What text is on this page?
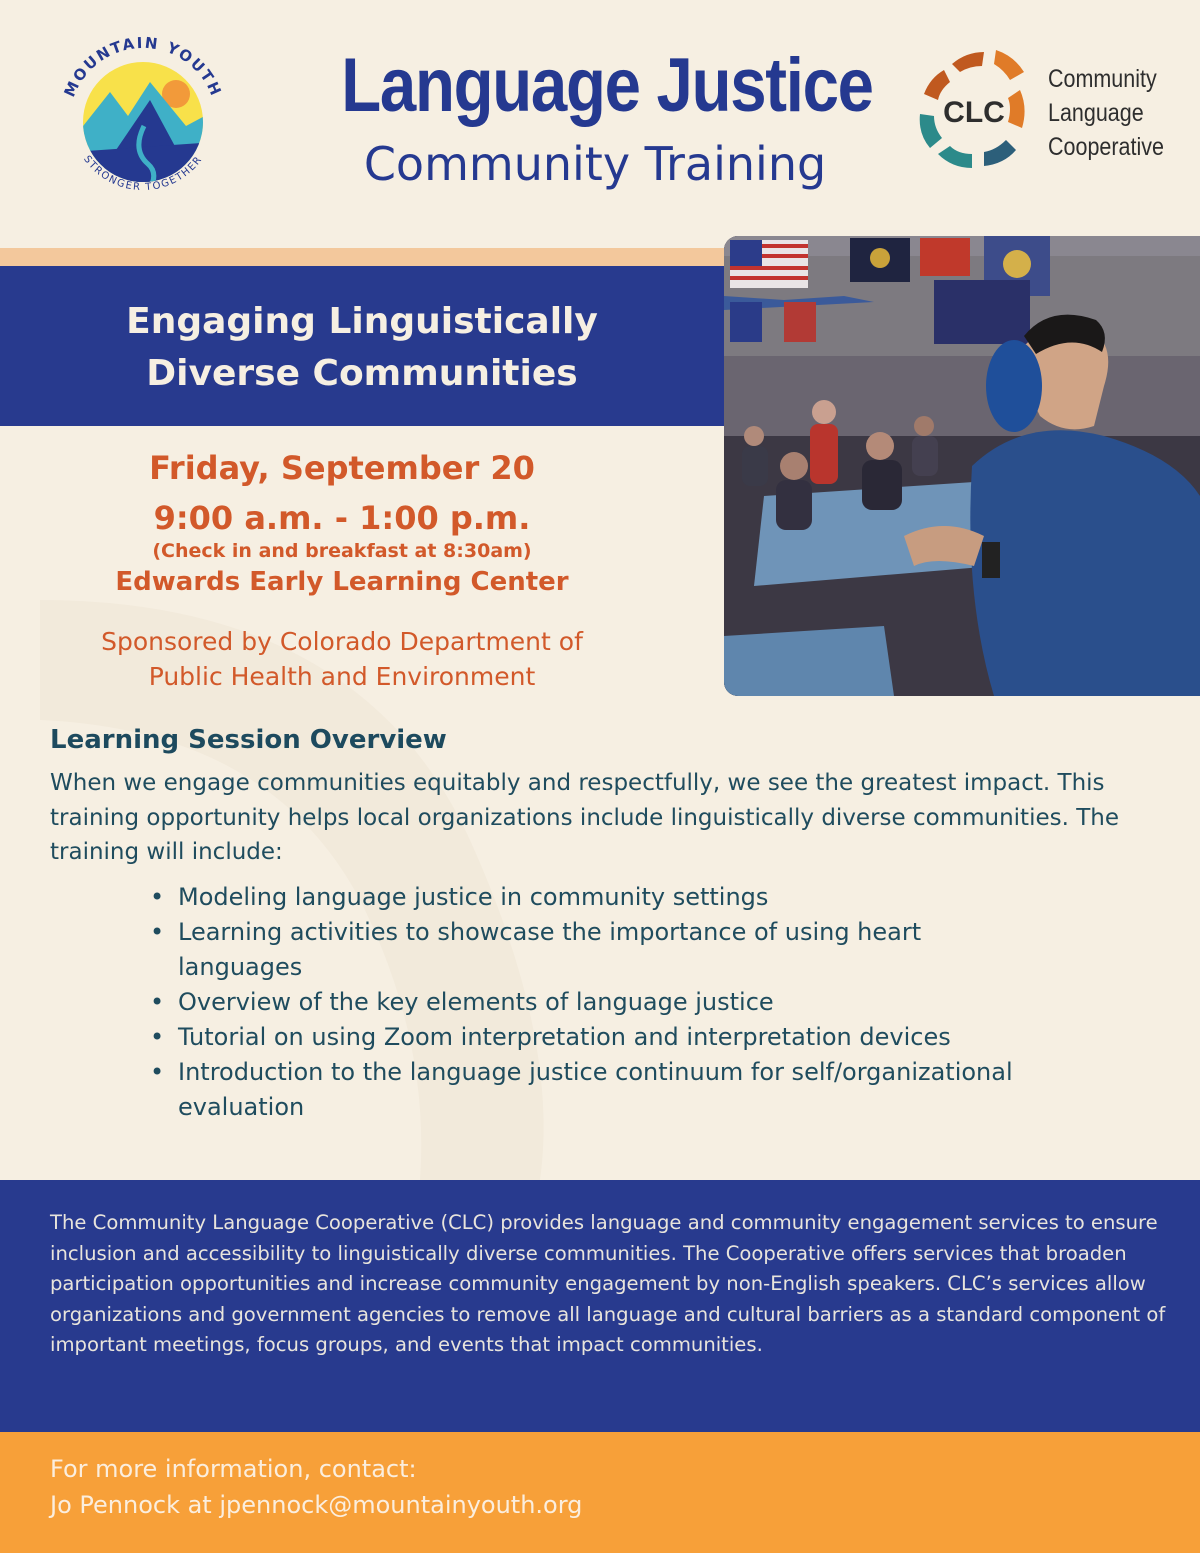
MOUNTAIN YOUTH
STRONGER TOGETHER
Language Justice
Community Training
CLC
Community
Language
Cooperative
Engaging Linguistically
Diverse Communities
Friday, September 20
9:00 a.m. - 1:00 p.m.
(Check in and breakfast at 8:30am)
Edwards Early Learning Center
Sponsored by Colorado Department of
Public Health and Environment
Learning Session Overview
When we engage communities equitably and respectfully, we see the greatest impact. This training opportunity helps local organizations include linguistically diverse communities. The training will include:
• Modeling language justice in community settings
• Learning activities to showcase the importance of using heart languages
• Overview of the key elements of language justice
• Tutorial on using Zoom interpretation and interpretation devices
• Introduction to the language justice continuum for self/organizational evaluation
The Community Language Cooperative (CLC) provides language and community engagement services to ensure inclusion and accessibility to linguistically diverse communities. The Cooperative offers services that broaden participation opportunities and increase community engagement by non-English speakers. CLC’s services allow organizations and government agencies to remove all language and cultural barriers as a standard component of important meetings, focus groups, and events that impact communities.
For more information, contact:
Jo Pennock at jpennock@mountainyouth.org
